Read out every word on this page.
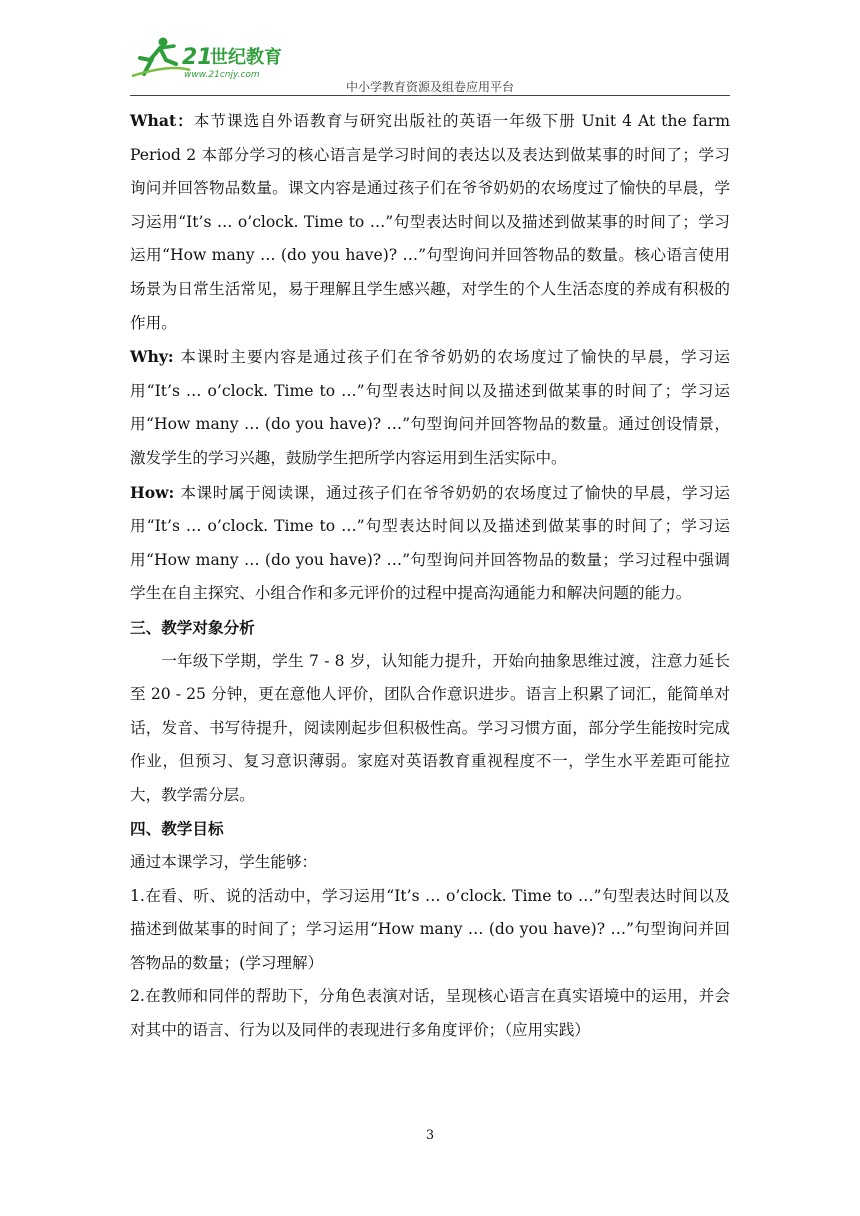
21
世纪教育
www.21cnjy.com
中小学教育资源及组卷应用平台

What：本节课选自外语教育与研究出版社的英语一年级下册 Unit 4 At the farm Period 2 本部分学习的核心语言是学习时间的表达以及表达到做某事的时间了；学习询问并回答物品数量。课文内容是通过孩子们在爷爷奶奶的农场度过了愉快的早晨，学习运用“It’s … o’clock. Time to …”句型表达时间以及描述到做某事的时间了；学习运用“How many … (do you have)? …”句型询问并回答物品的数量。核心语言使用场景为日常生活常见，易于理解且学生感兴趣，对学生的个人生活态度的养成有积极的作用。

Why: 本课时主要内容是通过孩子们在爷爷奶奶的农场度过了愉快的早晨，学习运用“It’s … o’clock. Time to …”句型表达时间以及描述到做某事的时间了；学习运用“How many … (do you have)? …”句型询问并回答物品的数量。通过创设情景，激发学生的学习兴趣，鼓励学生把所学内容运用到生活实际中。

How: 本课时属于阅读课，通过孩子们在爷爷奶奶的农场度过了愉快的早晨，学习运用“It’s … o’clock. Time to …”句型表达时间以及描述到做某事的时间了；学习运用“How many … (do you have)? …”句型询问并回答物品的数量；学习过程中强调学生在自主探究、小组合作和多元评价的过程中提高沟通能力和解决问题的能力。

三、教学对象分析

一年级下学期，学生 7 - 8 岁，认知能力提升，开始向抽象思维过渡，注意力延长至 20 - 25 分钟，更在意他人评价，团队合作意识进步。语言上积累了词汇，能简单对话，发音、书写待提升，阅读刚起步但积极性高。学习习惯方面，部分学生能按时完成作业，但预习、复习意识薄弱。家庭对英语教育重视程度不一，学生水平差距可能拉大，教学需分层。

四、教学目标

通过本课学习，学生能够：

1.在看、听、说的活动中，学习运用“It’s … o’clock. Time to …”句型表达时间以及描述到做某事的时间了；学习运用“How many … (do you have)? …”句型询问并回答物品的数量；(学习理解）

2.在教师和同伴的帮助下，分角色表演对话，呈现核心语言在真实语境中的运用，并会对其中的语言、行为以及同伴的表现进行多角度评价；（应用实践）

3
